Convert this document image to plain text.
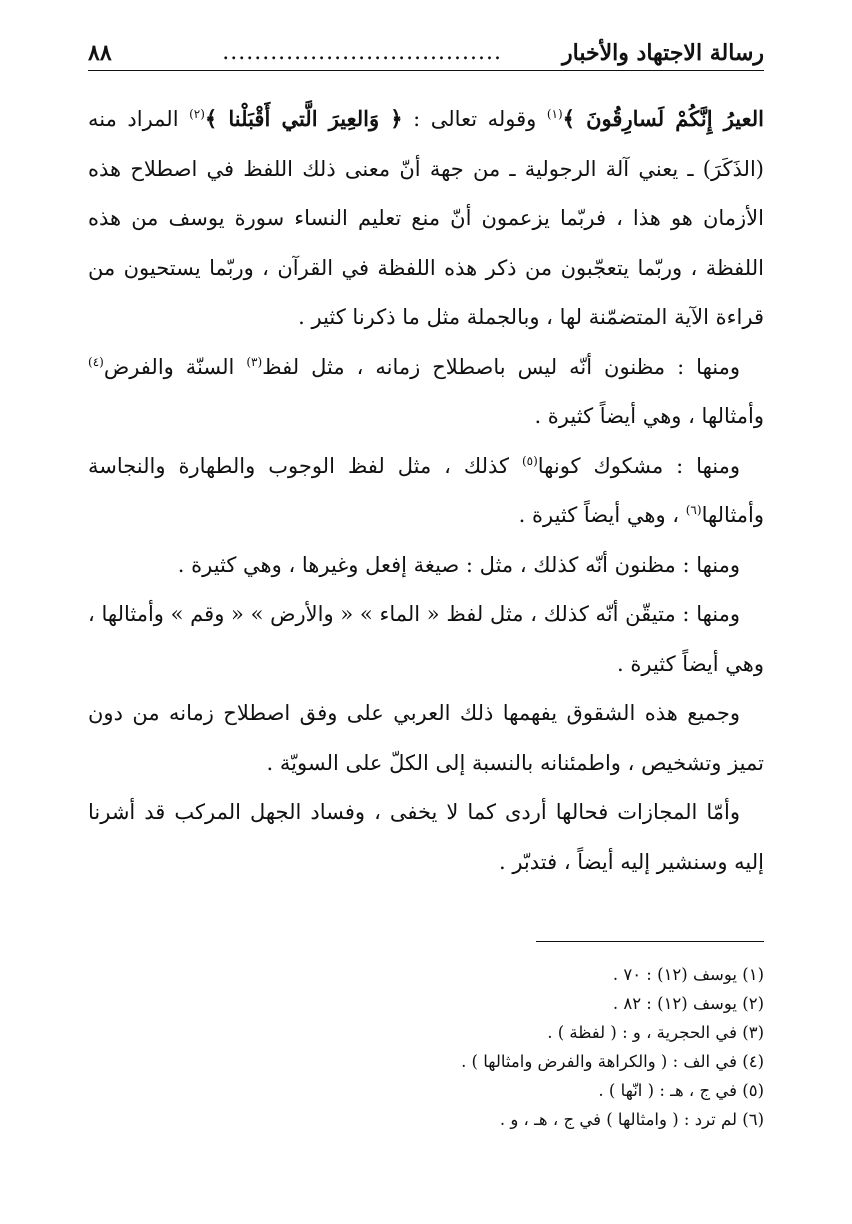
رسالة الاجتهاد والأخبار
...................................
٨٨

العيرُ إِنَّكُمْ لَسارِقُونَ ﴾$^{(١)}$ وقوله تعالى : ﴿ وَالعِيرَ الَّتي أَقْبَلْنا ﴾$^{(٢)}$ المراد منه (الذَكَرَ) ـ يعني آلة الرجولية ـ من جهة أنّ معنى ذلك اللفظ في اصطلاح هذه الأزمان هو هذا ، فربّما يزعمون أنّ منع تعليم النساء سورة يوسف من هذه اللفظة ، وربّما يتعجّبون من ذكر هذه اللفظة في القرآن ، وربّما يستحيون من قراءة الآية المتضمّنة لها ، وبالجملة مثل ما ذكرنا كثير .

ومنها : مظنون أنّه ليس باصطلاح زمانه ، مثل لفظ$^{(٣)}$ السنّة والفرض$^{(٤)}$ وأمثالها ، وهي أيضاً كثيرة .

ومنها : مشكوك كونها$^{(٥)}$ كذلك ، مثل لفظ الوجوب والطهارة والنجاسة وأمثالها$^{(٦)}$ ، وهي أيضاً كثيرة .

ومنها : مظنون أنّه كذلك ، مثل : صيغة إفعل وغيرها ، وهي كثيرة .

ومنها : متيقّن أنّه كذلك ، مثل لفظ « الماء » « والأرض » « وقم » وأمثالها ، وهي أيضاً كثيرة .

وجميع هذه الشقوق يفهمها ذلك العربي على وفق اصطلاح زمانه من دون تميز وتشخيص ، واطمئنانه بالنسبة إلى الكلّ على السويّة .

وأمّا المجازات فحالها أردى كما لا يخفى ، وفساد الجهل المركب قد أشرنا إليه وسنشير إليه أيضاً ، فتدبّر .

(١) يوسف (١٢) : ٧٠ .
(٢) يوسف (١٢) : ٨٢ .
(٣) في الحجرية ، و : ( لفظة ) .
(٤) في الف : ( والكراهة والفرض وامثالها ) .
(٥) في ج ، هـ : ( انّها ) .
(٦) لم ترد : ( وامثالها ) في ج ، هـ ، و .
